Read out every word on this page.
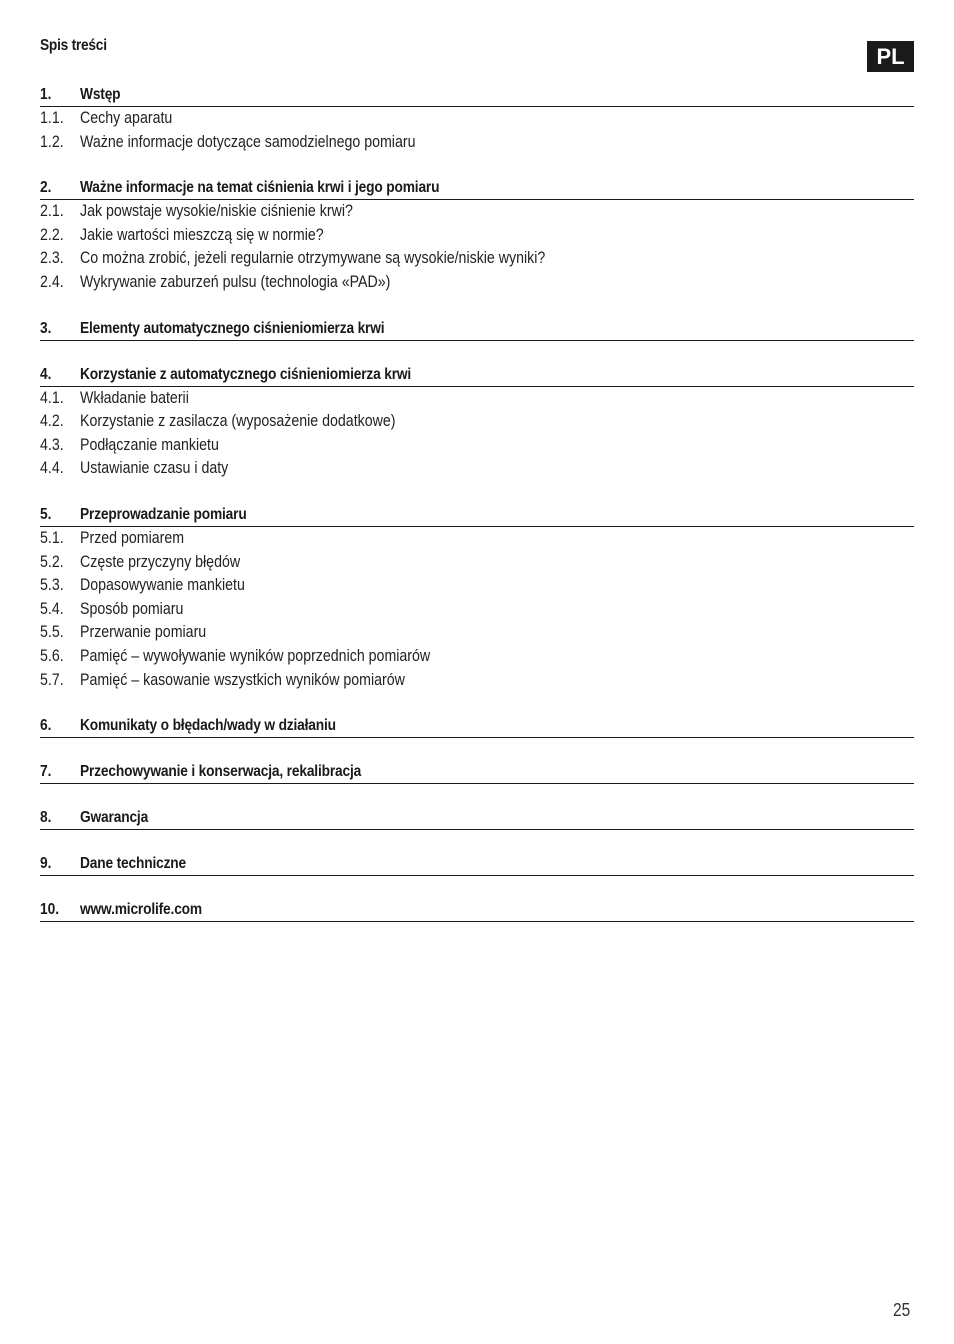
Spis treści	PL
1. Wstęp
1.1. Cechy aparatu
1.2. Ważne informacje dotyczące samodzielnego pomiaru
2. Ważne informacje na temat ciśnienia krwi i jego pomiaru
2.1. Jak powstaje wysokie/niskie ciśnienie krwi?
2.2. Jakie wartości mieszczą się w normie?
2.3. Co można zrobić, jeżeli regularnie otrzymywane są wysokie/niskie wyniki?
2.4. Wykrywanie zaburzeń pulsu (technologia «PAD»)
3. Elementy automatycznego ciśnieniomierza krwi
4. Korzystanie z automatycznego ciśnieniomierza krwi
4.1. Wkładanie baterii
4.2. Korzystanie z zasilacza (wyposażenie dodatkowe)
4.3. Podłączanie mankietu
4.4. Ustawianie czasu i daty
5. Przeprowadzanie pomiaru
5.1. Przed pomiarem
5.2. Częste przyczyny błędów
5.3. Dopasowywanie mankietu
5.4. Sposób pomiaru
5.5. Przerwanie pomiaru
5.6. Pamięć – wywoływanie wyników poprzednich pomiarów
5.7. Pamięć – kasowanie wszystkich wyników pomiarów
6. Komunikaty o błędach/wady w działaniu
7. Przechowywanie i konserwacja, rekalibracja
8. Gwarancja
9. Dane techniczne
10. www.microlife.com
25
